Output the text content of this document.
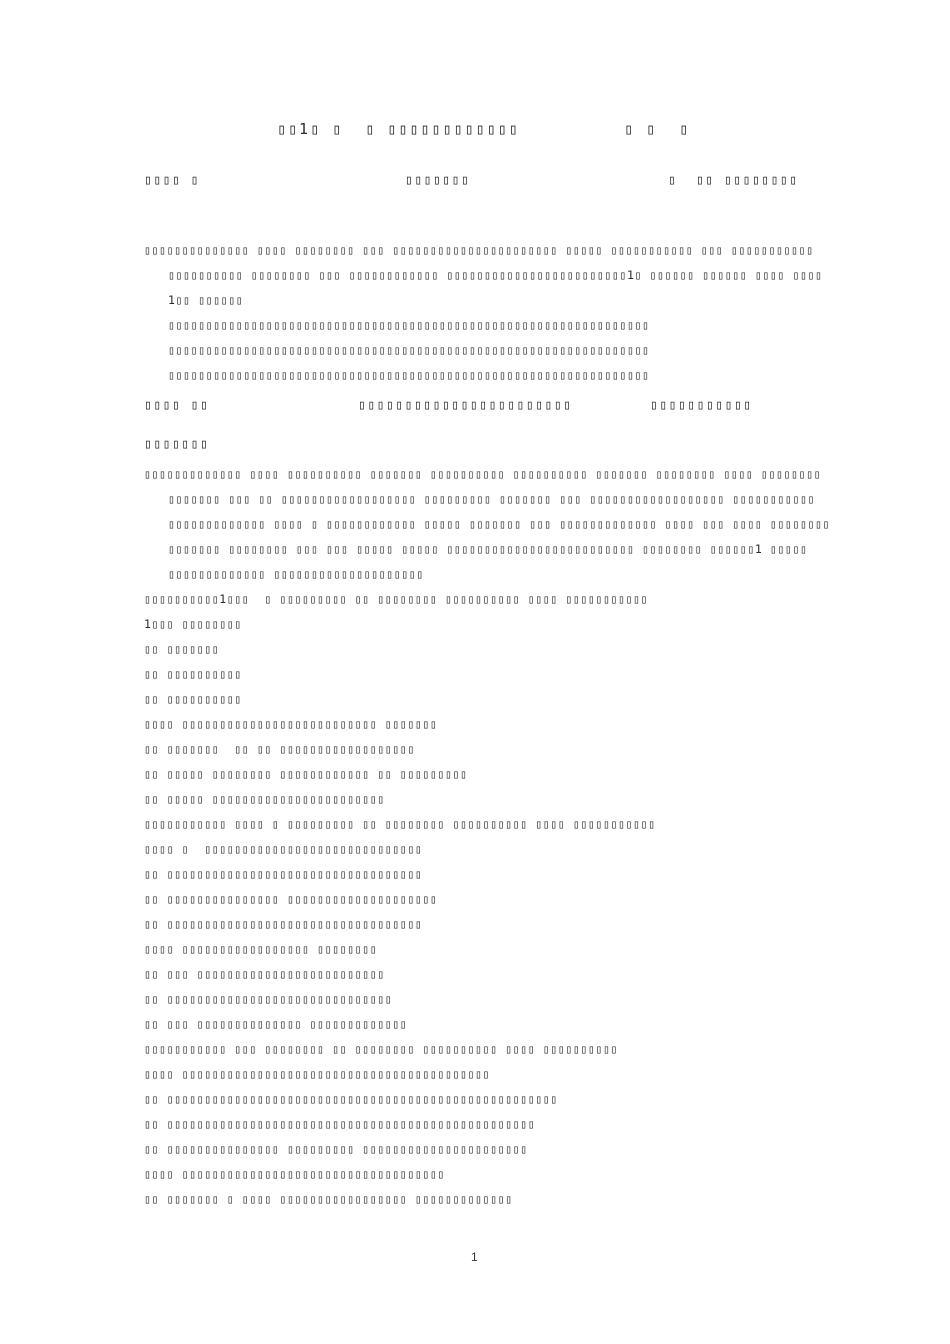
▯▯1▯ ▯  ▯ ▯▯▯▯▯▯▯▯▯▯▯▯	▯ ▯  ▯
▯▯▯▯ ▯	▯▯▯▯▯▯▯	▯  ▯▯ ▯▯▯▯▯▯▯▯
▯▯▯▯▯▯▯▯▯▯▯▯▯▯ ▯▯▯▯ ▯▯▯▯▯▯▯▯ ▯▯▯ ▯▯▯▯▯▯▯▯▯▯▯▯▯▯▯▯▯▯▯▯▯▯ ▯▯▯▯▯ ▯▯▯▯▯▯▯▯▯▯▯ ▯▯▯ ▯▯▯▯▯▯▯▯▯▯▯
▯▯▯▯▯▯▯▯▯▯ ▯▯▯▯▯▯▯▯ ▯▯▯ ▯▯▯▯▯▯▯▯▯▯▯▯ ▯▯▯▯▯▯▯▯▯▯▯▯▯▯▯▯▯▯▯▯▯▯▯▯1▯ ▯▯▯▯▯▯ ▯▯▯▯▯▯ ▯▯▯▯ ▯▯▯▯
1▯▯ ▯▯▯▯▯▯
▯▯▯▯▯▯▯▯▯▯▯▯▯▯▯▯▯▯▯▯▯▯▯▯▯▯▯▯▯▯▯▯▯▯▯▯▯▯▯▯▯▯▯▯▯▯▯▯▯▯▯▯▯▯▯▯▯▯▯▯▯▯▯▯
▯▯▯▯▯▯▯▯▯▯▯▯▯▯▯▯▯▯▯▯▯▯▯▯▯▯▯▯▯▯▯▯▯▯▯▯▯▯▯▯▯▯▯▯▯▯▯▯▯▯▯▯▯▯▯▯▯▯▯▯▯▯▯▯
▯▯▯▯▯▯▯▯▯▯▯▯▯▯▯▯▯▯▯▯▯▯▯▯▯▯▯▯▯▯▯▯▯▯▯▯▯▯▯▯▯▯▯▯▯▯▯▯▯▯▯▯▯▯▯▯▯▯▯▯▯▯▯▯
▯▯▯▯ ▯▯	▯▯▯▯▯▯▯▯▯▯▯▯▯▯▯▯▯▯▯▯▯▯▯	▯▯▯▯▯▯▯▯▯▯▯
▯▯▯▯▯▯▯
▯▯▯▯▯▯▯▯▯▯▯▯▯ ▯▯▯▯ ▯▯▯▯▯▯▯▯▯▯ ▯▯▯▯▯▯▯ ▯▯▯▯▯▯▯▯▯▯ ▯▯▯▯▯▯▯▯▯▯ ▯▯▯▯▯▯▯ ▯▯▯▯▯▯▯▯ ▯▯▯▯ ▯▯▯▯▯▯▯▯
▯▯▯▯▯▯▯ ▯▯▯ ▯▯ ▯▯▯▯▯▯▯▯▯▯▯▯▯▯▯▯▯▯ ▯▯▯▯▯▯▯▯▯ ▯▯▯▯▯▯▯ ▯▯▯ ▯▯▯▯▯▯▯▯▯▯▯▯▯▯▯▯▯▯ ▯▯▯▯▯▯▯▯▯▯▯
▯▯▯▯▯▯▯▯▯▯▯▯▯ ▯▯▯▯ ▯ ▯▯▯▯▯▯▯▯▯▯▯▯ ▯▯▯▯▯ ▯▯▯▯▯▯▯ ▯▯▯ ▯▯▯▯▯▯▯▯▯▯▯▯▯ ▯▯▯▯ ▯▯▯ ▯▯▯▯ ▯▯▯▯▯▯▯▯
▯▯▯▯▯▯▯ ▯▯▯▯▯▯▯▯ ▯▯▯ ▯▯▯ ▯▯▯▯▯ ▯▯▯▯▯ ▯▯▯▯▯▯▯▯▯▯▯▯▯▯▯▯▯▯▯▯▯▯▯▯▯ ▯▯▯▯▯▯▯▯ ▯▯▯▯▯▯1 ▯▯▯▯▯
▯▯▯▯▯▯▯▯▯▯▯▯▯ ▯▯▯▯▯▯▯▯▯▯▯▯▯▯▯▯▯▯▯▯
▯▯▯▯▯▯▯▯▯▯1▯▯▯  ▯ ▯▯▯▯▯▯▯▯▯ ▯▯ ▯▯▯▯▯▯▯▯ ▯▯▯▯▯▯▯▯▯▯ ▯▯▯▯ ▯▯▯▯▯▯▯▯▯▯▯
1▯▯▯ ▯▯▯▯▯▯▯▯
▯▯ ▯▯▯▯▯▯▯
▯▯ ▯▯▯▯▯▯▯▯▯▯
▯▯ ▯▯▯▯▯▯▯▯▯▯
▯▯▯▯ ▯▯▯▯▯▯▯▯▯▯▯▯▯▯▯▯▯▯▯▯▯▯▯▯▯▯ ▯▯▯▯▯▯▯
▯▯ ▯▯▯▯▯▯▯  ▯▯ ▯▯ ▯▯▯▯▯▯▯▯▯▯▯▯▯▯▯▯▯▯
▯▯ ▯▯▯▯▯ ▯▯▯▯▯▯▯▯ ▯▯▯▯▯▯▯▯▯▯▯▯ ▯▯ ▯▯▯▯▯▯▯▯▯
▯▯ ▯▯▯▯▯ ▯▯▯▯▯▯▯▯▯▯▯▯▯▯▯▯▯▯▯▯▯▯▯
▯▯▯▯▯▯▯▯▯▯▯ ▯▯▯▯ ▯ ▯▯▯▯▯▯▯▯▯ ▯▯ ▯▯▯▯▯▯▯▯ ▯▯▯▯▯▯▯▯▯▯ ▯▯▯▯ ▯▯▯▯▯▯▯▯▯▯▯
▯▯▯▯ ▯  ▯▯▯▯▯▯▯▯▯▯▯▯▯▯▯▯▯▯▯▯▯▯▯▯▯▯▯▯▯
▯▯ ▯▯▯▯▯▯▯▯▯▯▯▯▯▯▯▯▯▯▯▯▯▯▯▯▯▯▯▯▯▯▯▯▯▯
▯▯ ▯▯▯▯▯▯▯▯▯▯▯▯▯▯▯ ▯▯▯▯▯▯▯▯▯▯▯▯▯▯▯▯▯▯▯▯
▯▯ ▯▯▯▯▯▯▯▯▯▯▯▯▯▯▯▯▯▯▯▯▯▯▯▯▯▯▯▯▯▯▯▯▯▯
▯▯▯▯ ▯▯▯▯▯▯▯▯▯▯▯▯▯▯▯▯▯ ▯▯▯▯▯▯▯▯
▯▯ ▯▯▯ ▯▯▯▯▯▯▯▯▯▯▯▯▯▯▯▯▯▯▯▯▯▯▯▯▯
▯▯ ▯▯▯▯▯▯▯▯▯▯▯▯▯▯▯▯▯▯▯▯▯▯▯▯▯▯▯▯▯▯
▯▯ ▯▯▯ ▯▯▯▯▯▯▯▯▯▯▯▯▯▯ ▯▯▯▯▯▯▯▯▯▯▯▯▯
▯▯▯▯▯▯▯▯▯▯▯ ▯▯▯ ▯▯▯▯▯▯▯▯ ▯▯ ▯▯▯▯▯▯▯▯ ▯▯▯▯▯▯▯▯▯▯ ▯▯▯▯ ▯▯▯▯▯▯▯▯▯▯
▯▯▯▯ ▯▯▯▯▯▯▯▯▯▯▯▯▯▯▯▯▯▯▯▯▯▯▯▯▯▯▯▯▯▯▯▯▯▯▯▯▯▯▯▯▯
▯▯ ▯▯▯▯▯▯▯▯▯▯▯▯▯▯▯▯▯▯▯▯▯▯▯▯▯▯▯▯▯▯▯▯▯▯▯▯▯▯▯▯▯▯▯▯▯▯▯▯▯▯▯▯
▯▯ ▯▯▯▯▯▯▯▯▯▯▯▯▯▯▯▯▯▯▯▯▯▯▯▯▯▯▯▯▯▯▯▯▯▯▯▯▯▯▯▯▯▯▯▯▯▯▯▯▯
▯▯ ▯▯▯▯▯▯▯▯▯▯▯▯▯▯▯ ▯▯▯▯▯▯▯▯▯ ▯▯▯▯▯▯▯▯▯▯▯▯▯▯▯▯▯▯▯▯▯▯
▯▯▯▯ ▯▯▯▯▯▯▯▯▯▯▯▯▯▯▯▯▯▯▯▯▯▯▯▯▯▯▯▯▯▯▯▯▯▯▯
▯▯ ▯▯▯▯▯▯▯ ▯ ▯▯▯▯ ▯▯▯▯▯▯▯▯▯▯▯▯▯▯▯▯▯ ▯▯▯▯▯▯▯▯▯▯▯▯▯
1
